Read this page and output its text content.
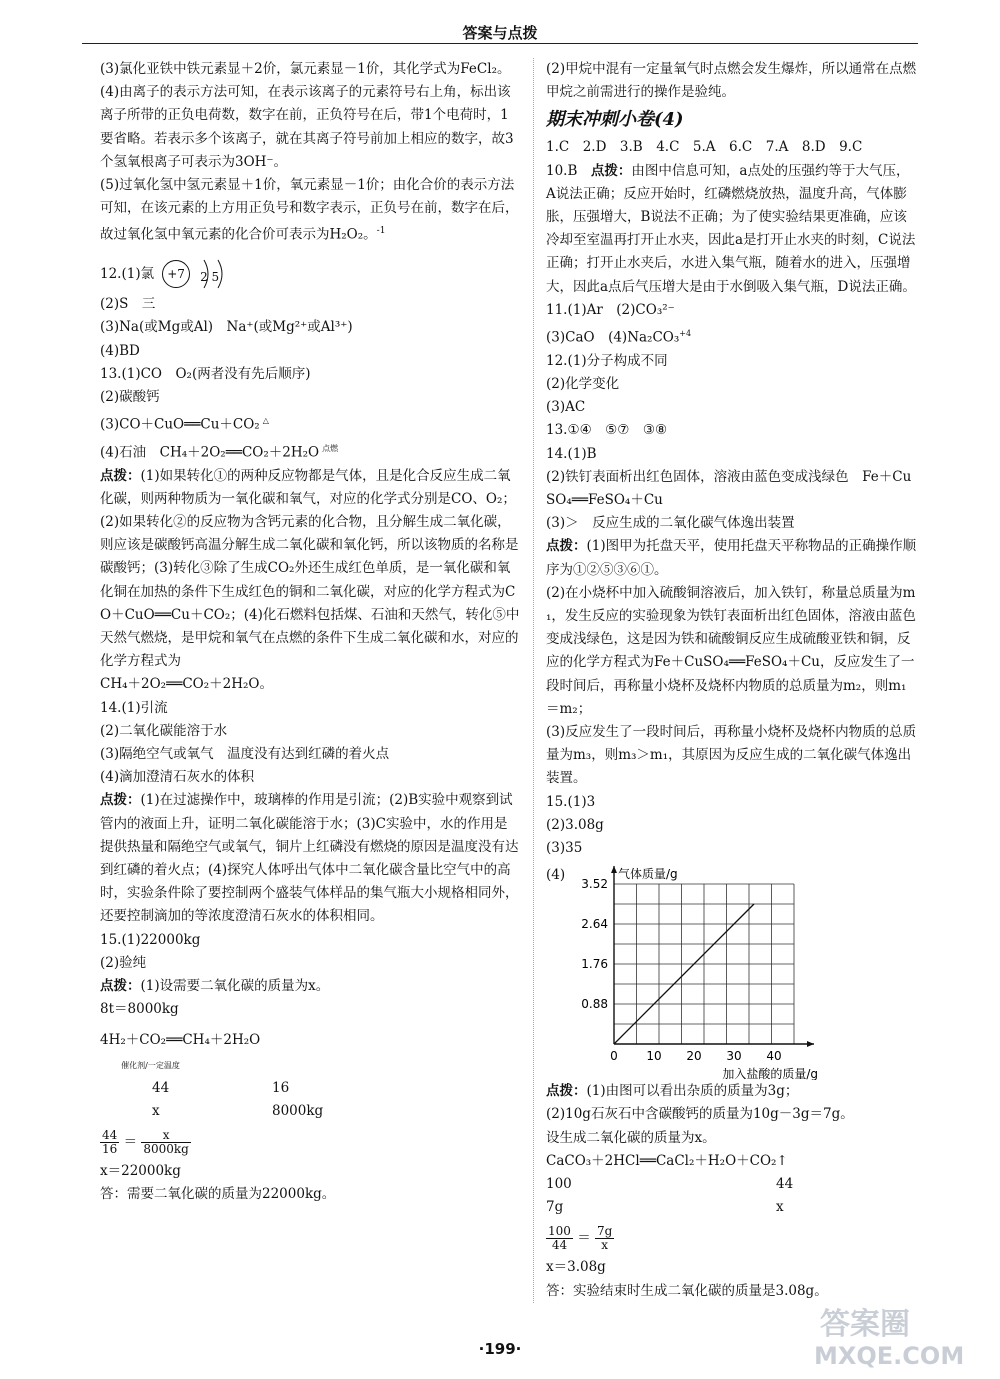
答案与点拨

(3)氯化亚铁中铁元素显＋2价，氯元素显－1价，其化学式为FeCl₂。

(4)由离子的表示方法可知，在表示该离子的元素符号右上角，标出该离子所带的正负电荷数，数字在前，正负符号在后，带1个电荷时，1要省略。若表示多个该离子，就在其离子符号前加上相应的数字，故3个氢氧根离子可表示为3OH⁻。

(5)过氧化氢中氢元素显＋1价，氧元素显－1价；由化合价的表示方法可知，在该元素的上方用正负号和数字表示，正负号在前，数字在后，故过氧化氢中氧元素的化合价可表示为H₂O₂。$^{-1}$

12.(1)氯	+7	2 5

(2)S　三

(3)Na(或Mg或Al)　Na⁺(或Mg²⁺或Al³⁺)

(4)BD

13.(1)CO　O₂(两者没有先后顺序)

(2)碳酸钙

(3)CO＋CuO══Cu＋CO₂ △

(4)石油　CH₄＋2O₂══CO₂＋2H₂O $^{点燃}$

点拨：(1)如果转化①的两种反应物都是气体，且是化合反应生成二氧化碳，则两种物质为一氧化碳和氧气，对应的化学式分别是CO、O₂；(2)如果转化②的反应物为含钙元素的化合物，且分解生成二氧化碳，则应该是碳酸钙高温分解生成二氧化碳和氧化钙，所以该物质的名称是碳酸钙；(3)转化③除了生成CO₂外还生成红色单质，是一氧化碳和氧化铜在加热的条件下生成红色的铜和二氧化碳，对应的化学方程式为CO＋CuO══Cu＋CO₂；(4)化石燃料包括煤、石油和天然气，转化⑤中天然气燃烧，是甲烷和氧气在点燃的条件下生成二氧化碳和水，对应的化学方程式为

CH₄＋2O₂══CO₂＋2H₂O。

14.(1)引流

(2)二氧化碳能溶于水

(3)隔绝空气或氧气　温度没有达到红磷的着火点

(4)滴加澄清石灰水的体积

点拨：(1)在过滤操作中，玻璃棒的作用是引流；(2)B实验中观察到试管内的液面上升，证明二氧化碳能溶于水；(3)C实验中，水的作用是提供热量和隔绝空气或氧气，铜片上红磷没有燃烧的原因是温度没有达到红磷的着火点；(4)探究人体呼出气体中二氧化碳含量比空气中的高时，实验条件除了要控制两个盛装气体样品的集气瓶大小规格相同外，还要控制滴加的等浓度澄清石灰水的体积相同。

15.(1)22000kg

(2)验纯

点拨：(1)设需要二氧化碳的质量为x。

8t＝8000kg

4H₂＋CO₂══CH₄＋2H₂O
催化剂/一定温度

44	16

x	8000kg

$\frac{44}{16} = \frac{x}{8000kg}$

x＝22000kg

答：需要二氧化碳的质量为22000kg。

(2)甲烷中混有一定量氧气时点燃会发生爆炸，所以通常在点燃甲烷之前需进行的操作是验纯。

期末冲刺小卷(4)

1.C　2.D　3.B　4.C　5.A　6.C　7.A　8.D　9.C

10.B　 点拨：由图中信息可知，a点处的压强约等于大气压，A说法正确；反应开始时，红磷燃烧放热，温度升高，气体膨胀，压强增大，B说法不正确；为了使实验结果更准确，应该冷却至室温再打开止水夹，因此a是打开止水夹的时刻，C说法正确；打开止水夹后，水进入集气瓶，随着水的进入，压强增大，因此a点后气压增大是由于水倒吸入集气瓶，D说法正确。

11.(1)Ar　(2)CO₃²⁻

(3)CaO　(4)Na₂CO₃$^{+4}$

12.(1)分子构成不同

(2)化学变化

(3)AC

13.①④　⑤⑦　③⑧

14.(1)B

(2)铁钉表面析出红色固体，溶液由蓝色变成浅绿色　Fe＋CuSO₄══FeSO₄＋Cu

(3)＞　反应生成的二氧化碳气体逸出装置

点拨：(1)图甲为托盘天平，使用托盘天平称物品的正确操作顺序为①②⑤③⑥①。

(2)在小烧杯中加入硫酸铜溶液后，加入铁钉，称量总质量为m₁，发生反应的实验现象为铁钉表面析出红色固体，溶液由蓝色变成浅绿色，这是因为铁和硫酸铜反应生成硫酸亚铁和铜，反应的化学方程式为Fe＋CuSO₄══FeSO₄＋Cu，反应发生了一段时间后，再称量小烧杯及烧杯内物质的总质量为m₂，则m₁＝m₂；

(3)反应发生了一段时间后，再称量小烧杯及烧杯内物质的总质量为m₃，则m₃＞m₁，其原因为反应生成的二氧化碳气体逸出装置。

15.(1)3

(2)3.08g

(3)35

(4)
0 10 20 30 40
0.88
1.76
2.64
3.52
气体质量/g
加入盐酸的质量/g

点拨：(1)由图可以看出杂质的质量为3g；

(2)10g石灰石中含碳酸钙的质量为10g－3g＝7g。

设生成二氧化碳的质量为x。

CaCO₃＋2HCl══CaCl₂＋H₂O＋CO₂↑

100	44

7g	x

$\frac{100}{44} = \frac{7g}{x}$

x＝3.08g

答：实验结束时生成二氧化碳的质量是3.08g。

·199·
答案圈
MXQE.COM
